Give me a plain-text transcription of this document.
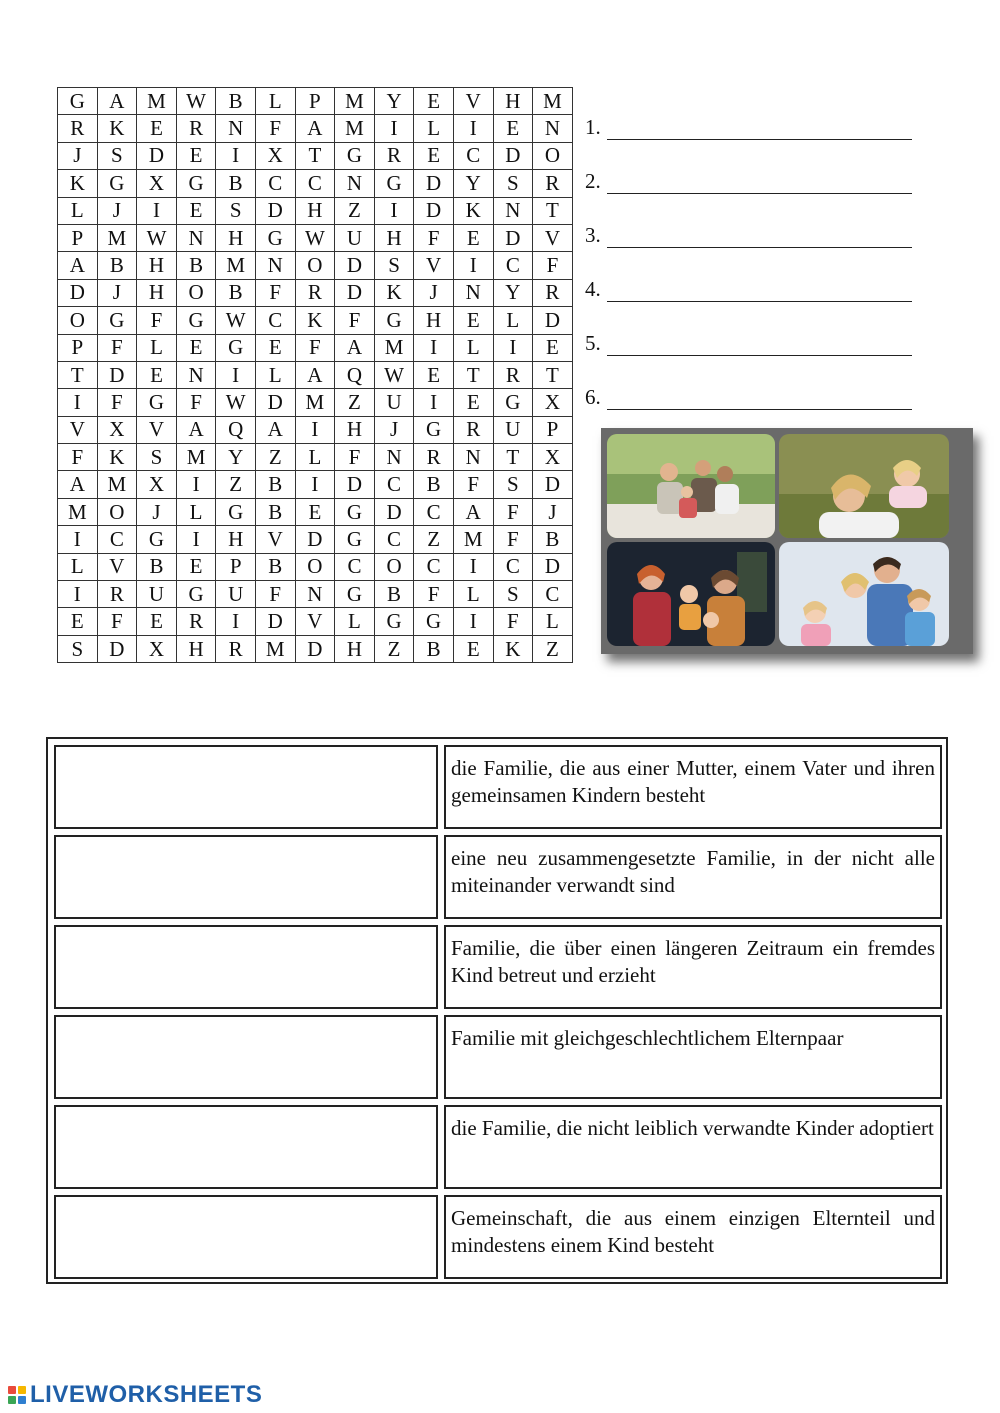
G	A	M	W	B	L	P	M	Y	E	V	H	M
R	K	E	R	N	F	A	M	I	L	I	E	N
J	S	D	E	I	X	T	G	R	E	C	D	O
K	G	X	G	B	C	C	N	G	D	Y	S	R
L	J	I	E	S	D	H	Z	I	D	K	N	T
P	M	W	N	H	G	W	U	H	F	E	D	V
A	B	H	B	M	N	O	D	S	V	I	C	F
D	J	H	O	B	F	R	D	K	J	N	Y	R
O	G	F	G	W	C	K	F	G	H	E	L	D
P	F	L	E	G	E	F	A	M	I	L	I	E
T	D	E	N	I	L	A	Q	W	E	T	R	T
I	F	G	F	W	D	M	Z	U	I	E	G	X
V	X	V	A	Q	A	I	H	J	G	R	U	P
F	K	S	M	Y	Z	L	F	N	R	N	T	X
A	M	X	I	Z	B	I	D	C	B	F	S	D
M	O	J	L	G	B	E	G	D	C	A	F	J
I	C	G	I	H	V	D	G	C	Z	M	F	B
L	V	B	E	P	B	O	C	O	C	I	C	D
I	R	U	G	U	F	N	G	B	F	L	S	C
E	F	E	R	I	D	V	L	G	G	I	F	L
S	D	X	H	R	M	D	H	Z	B	E	K	Z
1.
2.
3.
4.
5.
6.
die Familie, die aus einer Mutter, einem Vater und ihren gemeinsamen Kindern besteht
eine neu zusammengesetzte Familie, in der nicht alle miteinander verwandt sind
Familie, die über einen längeren Zeitraum ein fremdes Kind betreut und erzieht
Familie mit gleichgeschlechtlichem Elternpaar
die Familie, die nicht leiblich verwandte Kinder adoptiert
Gemeinschaft, die aus einem einzigen Elternteil und mindestens einem Kind besteht
LIVEWORKSHEETS
